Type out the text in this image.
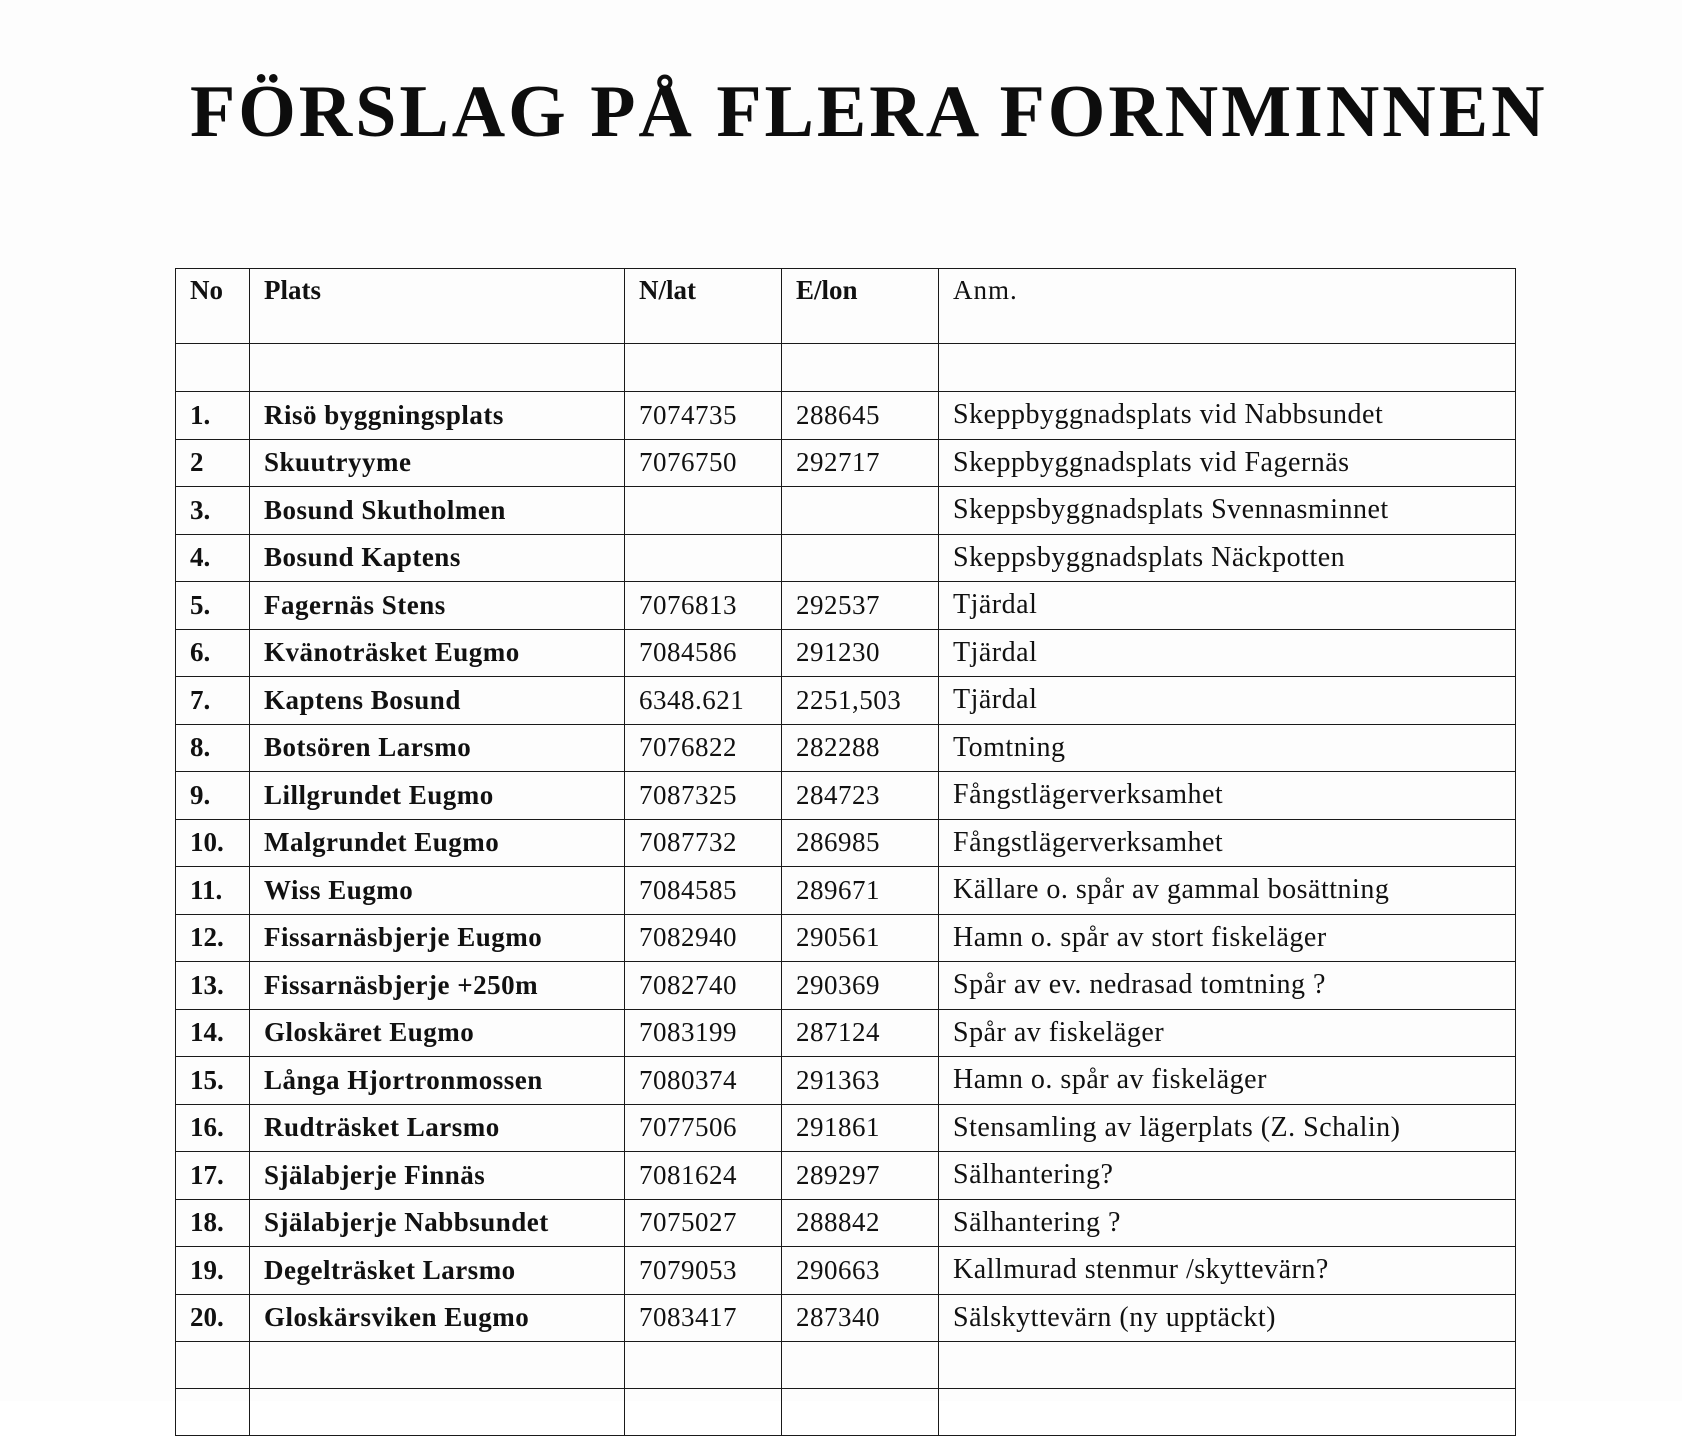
FÖRSLAG PÅ FLERA FORNMINNEN
No	Plats	N/lat	E/lon	Anm.

1.	Risö byggningsplats	7074735	288645	Skeppbyggnadsplats vid Nabbsundet
2	Skuutryyme	7076750	292717	Skeppbyggnadsplats vid Fagernäs
3.	Bosund Skutholmen			Skeppsbyggnadsplats Svennasminnet
4.	Bosund Kaptens			Skeppsbyggnadsplats Näckpotten
5.	Fagernäs Stens	7076813	292537	Tjärdal
6.	Kvänoträsket Eugmo	7084586	291230	Tjärdal
7.	Kaptens Bosund	6348.621	2251,503	Tjärdal
8.	Botsören Larsmo	7076822	282288	Tomtning
9.	Lillgrundet Eugmo	7087325	284723	Fångstlägerverksamhet
10.	Malgrundet Eugmo	7087732	286985	Fångstlägerverksamhet
11.	Wiss Eugmo	7084585	289671	Källare o. spår av gammal bosättning
12.	Fissarnäsbjerje Eugmo	7082940	290561	Hamn o. spår av stort fiskeläger
13.	Fissarnäsbjerje +250m	7082740	290369	Spår av ev. nedrasad tomtning ?
14.	Gloskäret Eugmo	7083199	287124	Spår av fiskeläger
15.	Långa Hjortronmossen	7080374	291363	Hamn o. spår av fiskeläger
16.	Rudträsket Larsmo	7077506	291861	Stensamling av lägerplats (Z. Schalin)
17.	Själabjerje Finnäs	7081624	289297	Sälhantering?
18.	Själabjerje Nabbsundet	7075027	288842	Sälhantering ?
19.	Degelträsket Larsmo	7079053	290663	Kallmurad stenmur /skyttevärn?
20.	Gloskärsviken Eugmo	7083417	287340	Sälskyttevärn (ny upptäckt)
